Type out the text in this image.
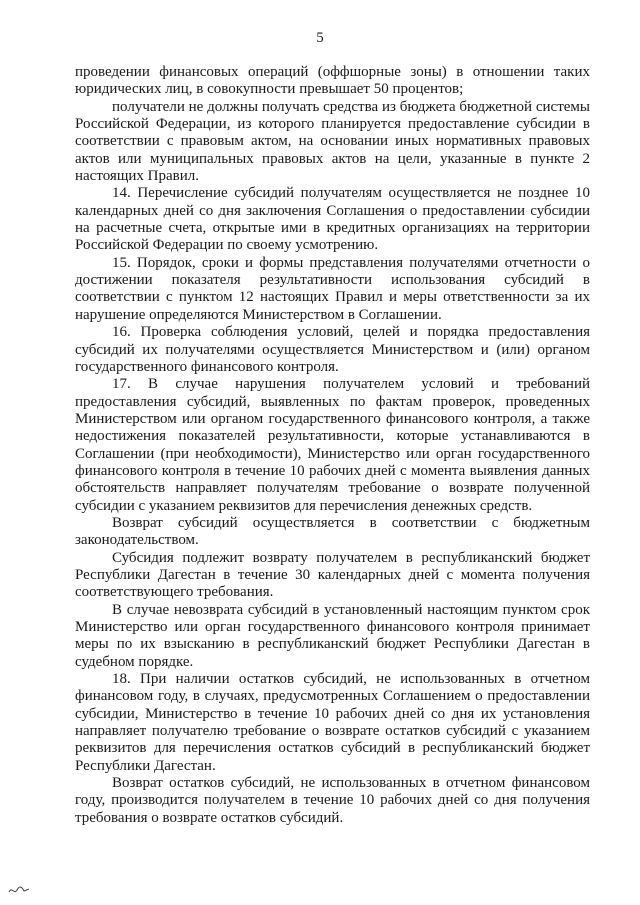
5

проведении финансовых операций (оффшорные зоны) в отношении таких юридических лиц, в совокупности превышает 50 процентов;

получатели не должны получать средства из бюджета бюджетной системы Российской Федерации, из которого планируется предоставление субсидии в соответствии с правовым актом, на основании иных нормативных правовых актов или муниципальных правовых актов на цели, указанные в пункте 2 настоящих Правил.

14. Перечисление субсидий получателям осуществляется не позднее 10 календарных дней со дня заключения Соглашения о предоставлении субсидии на расчетные счета, открытые ими в кредитных организациях на территории Российской Федерации по своему усмотрению.

15. Порядок, сроки и формы представления получателями отчетности о достижении показателя результативности использования субсидий в соответствии с пунктом 12 настоящих Правил и меры ответственности за их нарушение определяются Министерством в Соглашении.

16. Проверка соблюдения условий, целей и порядка предоставления субсидий их получателями осуществляется Министерством и (или) органом государственного финансового контроля.

17. В случае нарушения получателем условий и требований предоставления субсидий, выявленных по фактам проверок, проведенных Министерством или органом государственного финансового контроля, а также недостижения показателей результативности, которые устанавливаются в Соглашении (при необходимости), Министерство или орган государственного финансового контроля в течение 10 рабочих дней с момента выявления данных обстоятельств направляет получателям требование о возврате полученной субсидии с указанием реквизитов для перечисления денежных средств.

Возврат субсидий осуществляется в соответствии с бюджетным законодательством.

Субсидия подлежит возврату получателем в республиканский бюджет Республики Дагестан в течение 30 календарных дней с момента получения соответствующего требования.

В случае невозврата субсидий в установленный настоящим пунктом срок Министерство или орган государственного финансового контроля принимает меры по их взысканию в республиканский бюджет Республики Дагестан в судебном порядке.

18. При наличии остатков субсидий, не использованных в отчетном финансовом году, в случаях, предусмотренных Соглашением о предоставлении субсидии, Министерство в течение 10 рабочих дней со дня их установления направляет получателю требование о возврате остатков субсидий с указанием реквизитов для перечисления остатков субсидий в республиканский бюджет Республики Дагестан.

Возврат остатков субсидий, не использованных в отчетном финансовом году, производится получателем в течение 10 рабочих дней со дня получения требования о возврате остатков субсидий.
